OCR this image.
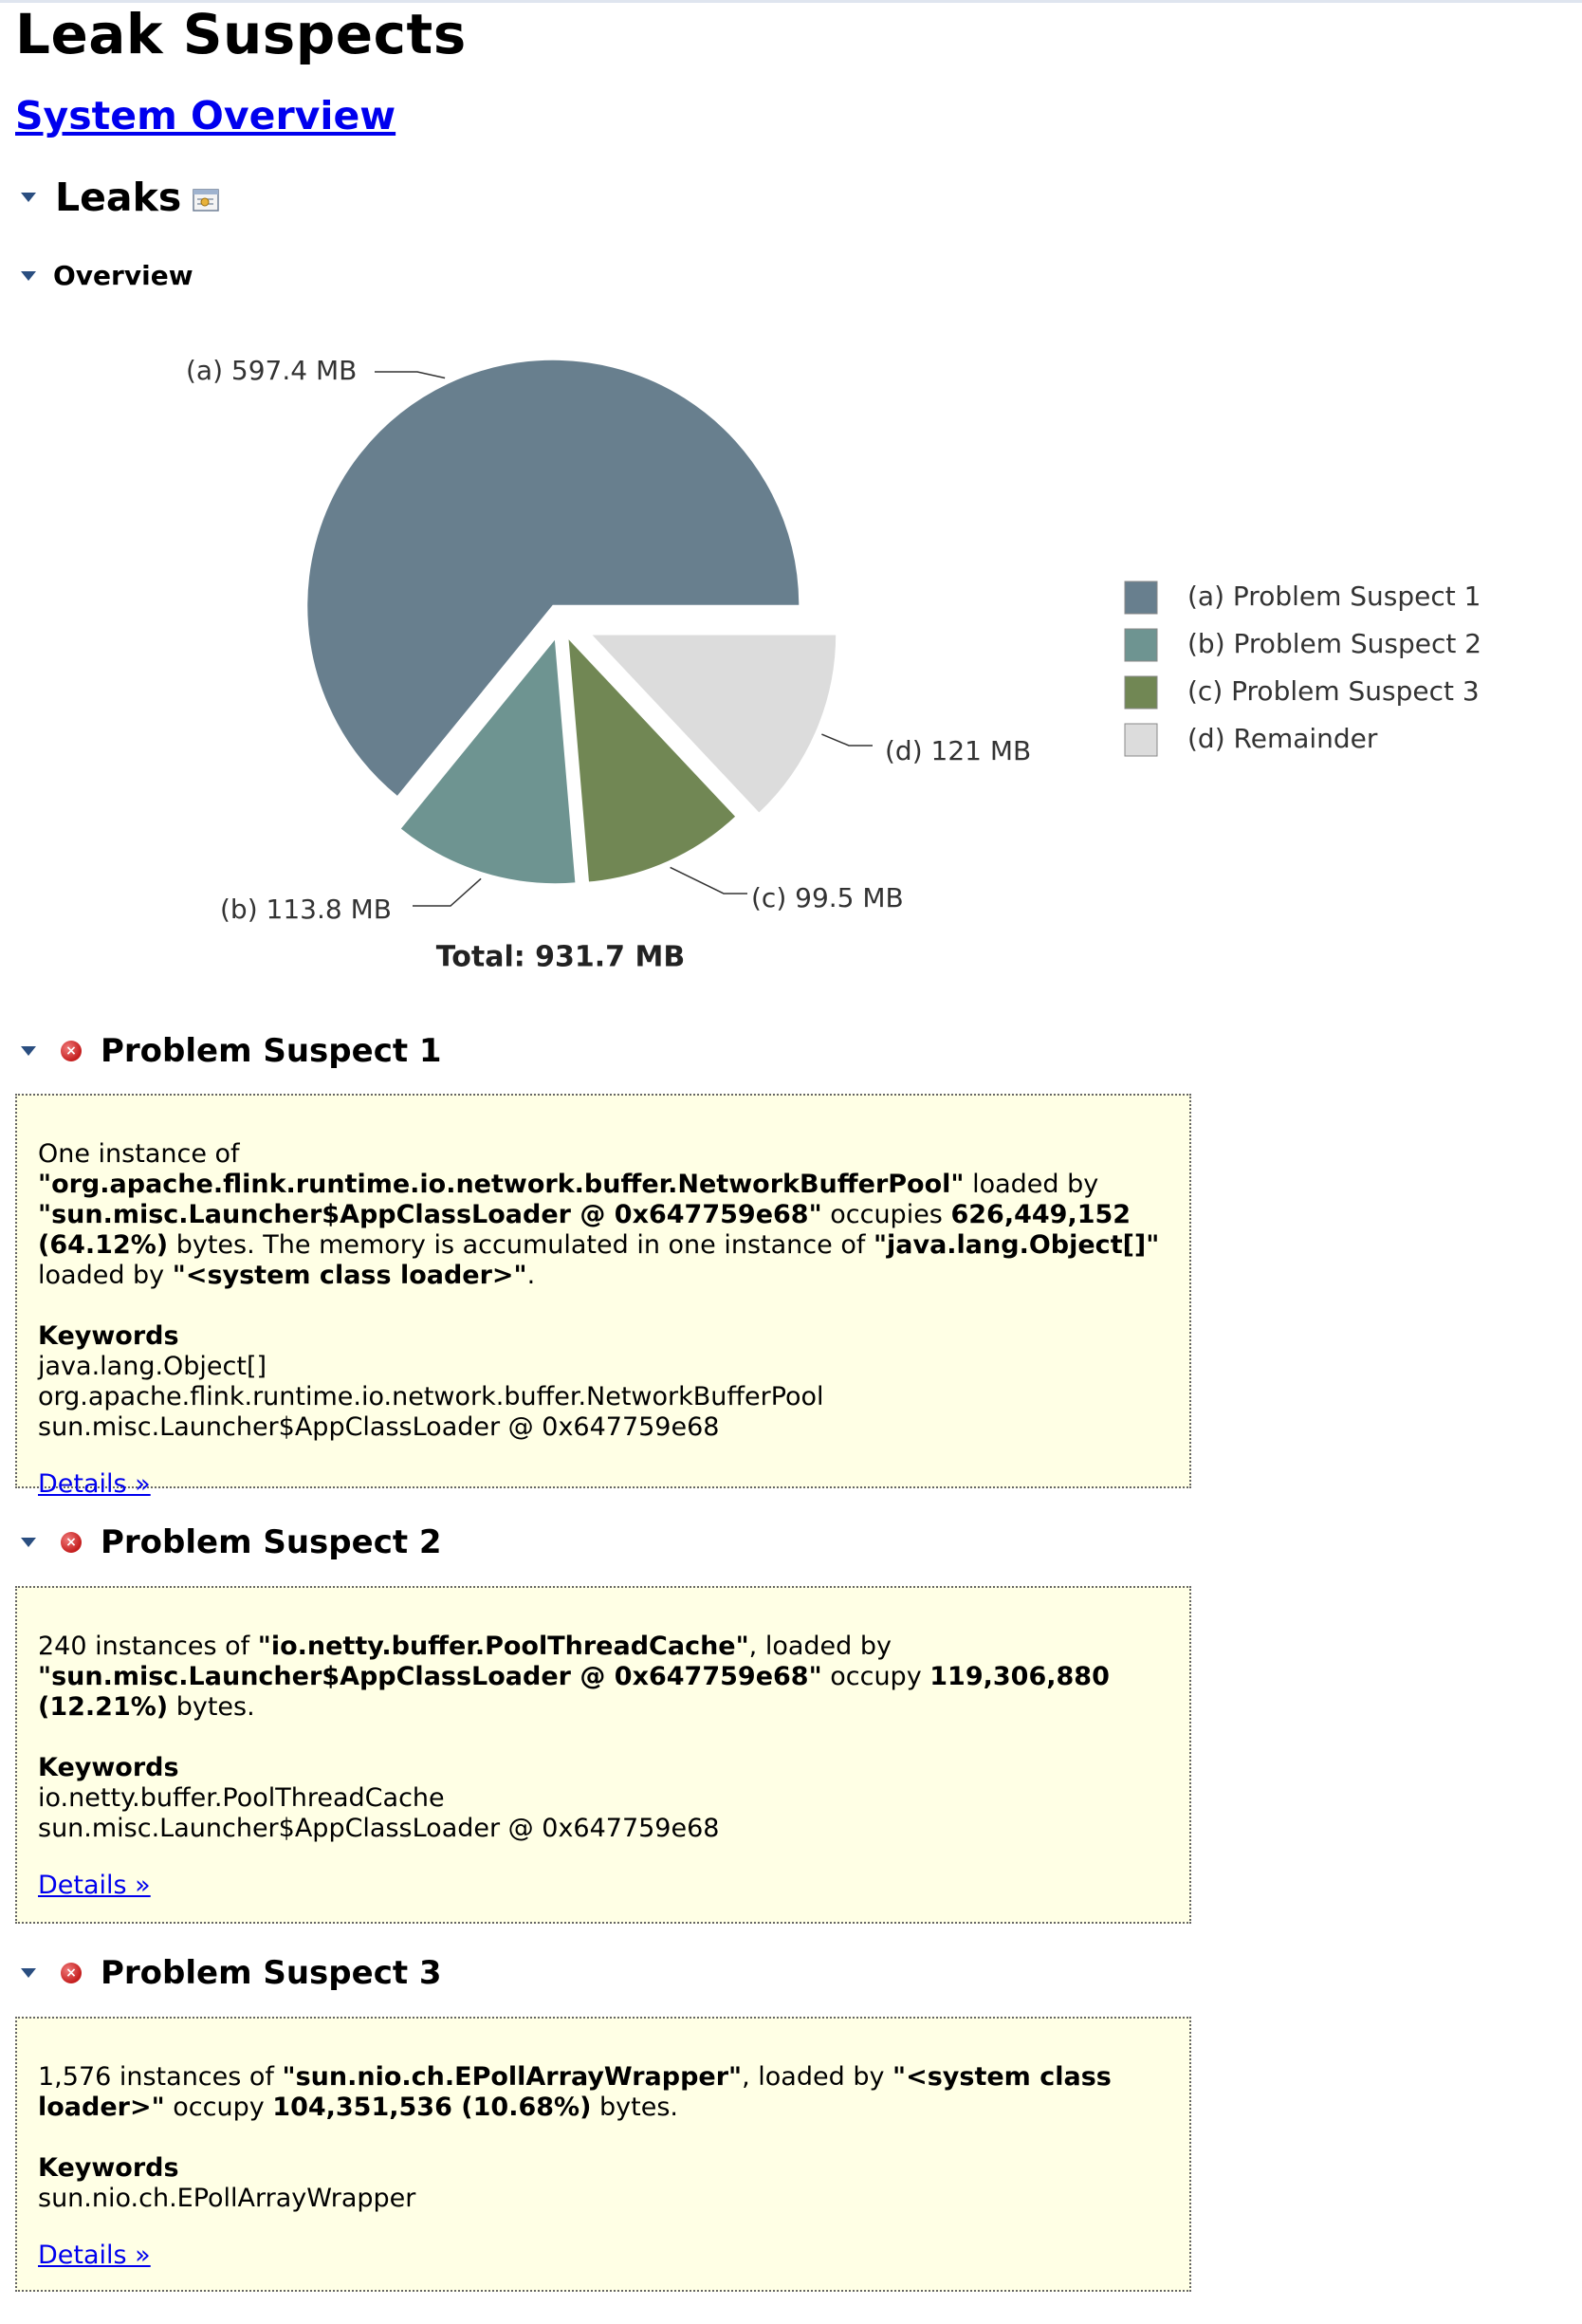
Leak Suspects
System Overview
Leaks
Overview
(a) 597.4 MB
(b) 113.8 MB	(c) 99.5 MB
(d) 121 MB
Total: 931.7 MB
(a) Problem Suspect 1
(b) Problem Suspect 2
(c) Problem Suspect 3
(d) Remainder
× Problem Suspect 1
One instance of "org.apache.flink.runtime.io.network.buffer.NetworkBufferPool" loaded by "sun.misc.Launcher$AppClassLoader @ 0x647759e68" occupies 626,449,152 (64.12%) bytes. The memory is accumulated in one instance of "java.lang.Object[]" loaded by "<system class loader>".
Keywords
java.lang.Object[]
org.apache.flink.runtime.io.network.buffer.NetworkBufferPool
sun.misc.Launcher$AppClassLoader @ 0x647759e68
Details »
× Problem Suspect 2
240 instances of "io.netty.buffer.PoolThreadCache", loaded by "sun.misc.Launcher$AppClassLoader @ 0x647759e68" occupy 119,306,880 (12.21%) bytes.
Keywords
io.netty.buffer.PoolThreadCache
sun.misc.Launcher$AppClassLoader @ 0x647759e68
Details »
× Problem Suspect 3
1,576 instances of "sun.nio.ch.EPollArrayWrapper", loaded by "<system class loader>" occupy 104,351,536 (10.68%) bytes.
Keywords
sun.nio.ch.EPollArrayWrapper
Details »
